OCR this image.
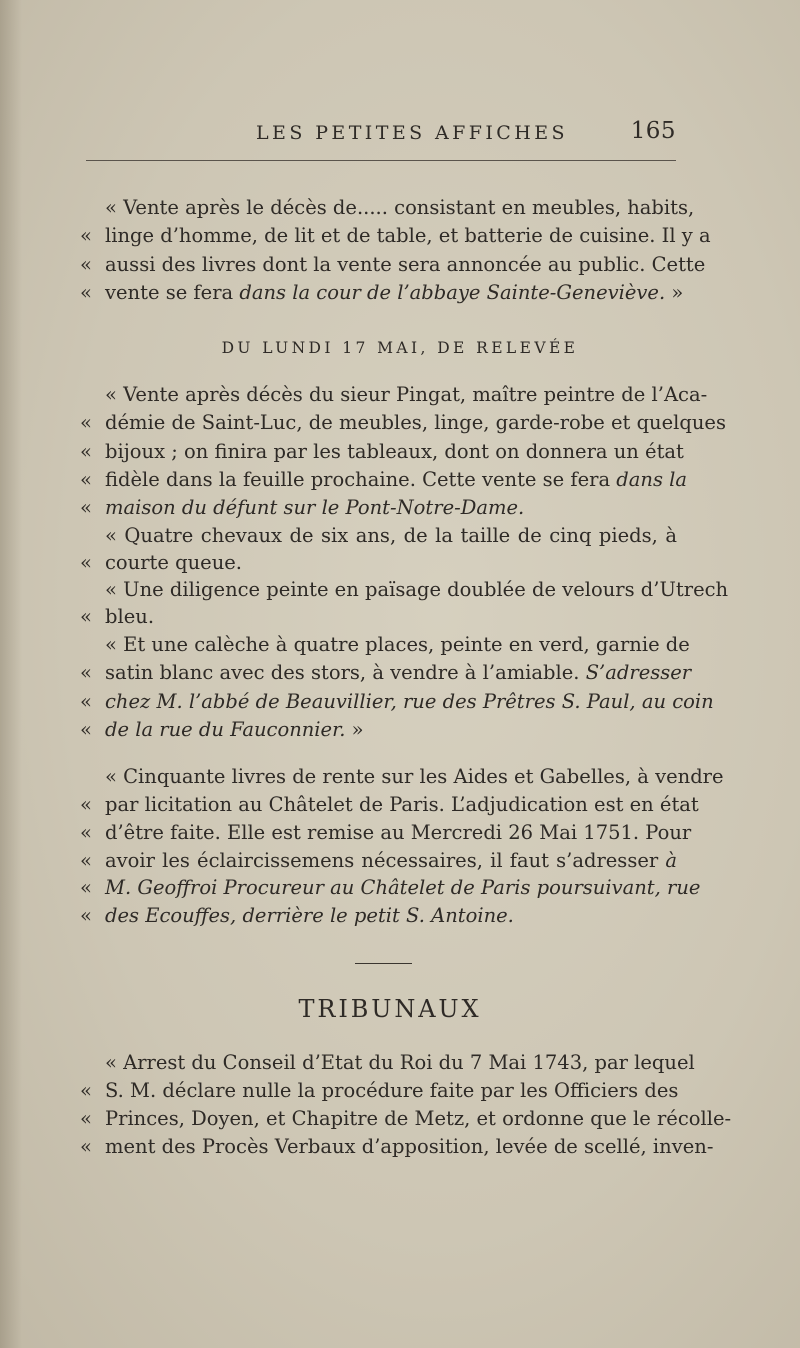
LES PETITES AFFICHES	165
« Vente après le décès de..... consistant en meubles, habits,
« linge d’homme, de lit et de table, et batterie de cuisine. Il y a
« aussi des livres dont la vente sera annoncée au public. Cette
« vente se fera dans la cour de l’abbaye Sainte-Geneviève. »
DU LUNDI 17 MAI, DE RELEVÉE
« Vente après décès du sieur Pingat, maître peintre de l’Aca-
« démie de Saint-Luc, de meubles, linge, garde-robe et quelques
« bijoux ; on finira par les tableaux, dont on donnera un état
« fidèle dans la feuille prochaine. Cette vente se fera dans la
« maison du défunt sur le Pont-Notre-Dame.
« Quatre chevaux de six ans, de la taille de cinq pieds, à
« courte queue.
« Une diligence peinte en païsage doublée de velours d’Utrech
« bleu.
« Et une calèche à quatre places, peinte en verd, garnie de
« satin blanc avec des stors, à vendre à l’amiable. S’adresser
« chez M. l’abbé de Beauvillier, rue des Prêtres S. Paul, au coin
« de la rue du Fauconnier. »
« Cinquante livres de rente sur les Aides et Gabelles, à vendre
« par licitation au Châtelet de Paris. L’adjudication est en état
« d’être faite. Elle est remise au Mercredi 26 Mai 1751. Pour
« avoir les éclaircissemens nécessaires, il faut s’adresser à
« M. Geoffroi Procureur au Châtelet de Paris poursuivant, rue
« des Ecouffes, derrière le petit S. Antoine.
TRIBUNAUX
« Arrest du Conseil d’Etat du Roi du 7 Mai 1743, par lequel
« S. M. déclare nulle la procédure faite par les Officiers des
« Princes, Doyen, et Chapitre de Metz, et ordonne que le récolle-
« ment des Procès Verbaux d’apposition, levée de scellé, inven-
